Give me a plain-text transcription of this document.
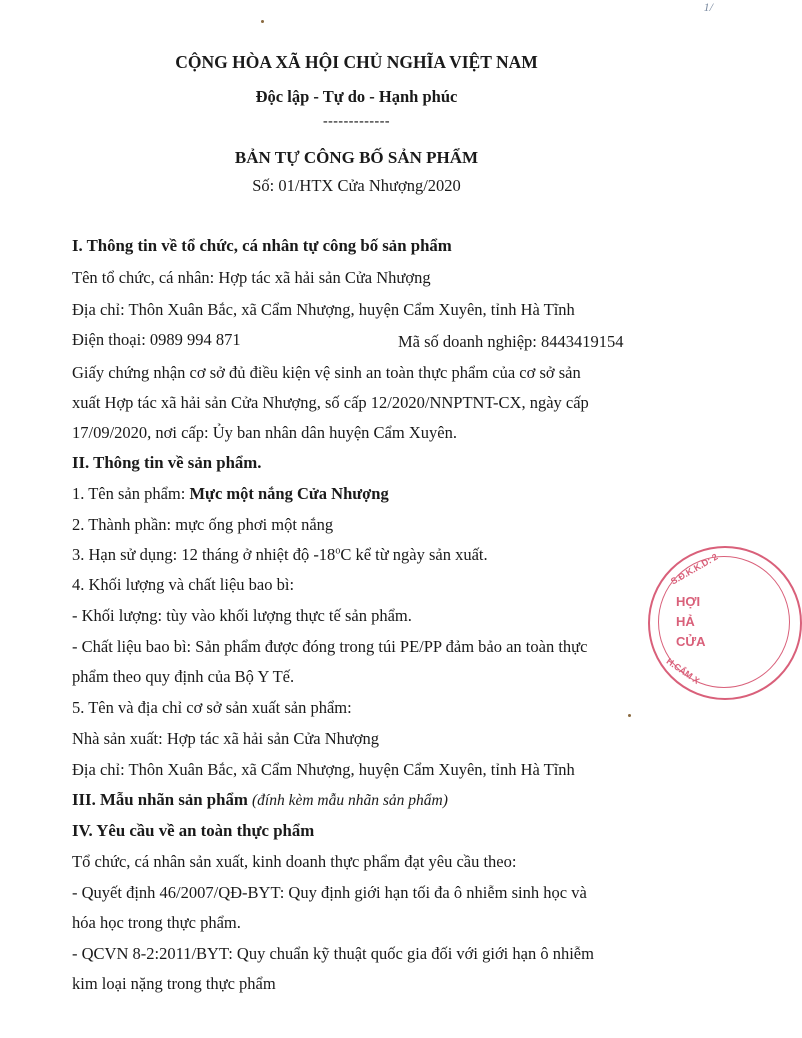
1/
CỘNG HÒA XÃ HỘI CHỦ NGHĨA VIỆT NAM
Độc lập - Tự do - Hạnh phúc
-------------
BẢN TỰ CÔNG BỐ SẢN PHẨM
Số: 01/HTX Cửa Nhượng/2020
I. Thông tin về tổ chức, cá nhân tự công bố sản phẩm
Tên tổ chức, cá nhân: Hợp tác xã hải sản Cửa Nhượng
Địa chỉ: Thôn Xuân Bắc, xã Cẩm Nhượng, huyện Cẩm Xuyên, tỉnh Hà Tĩnh
Điện thoại: 0989 994 871	Mã số doanh nghiệp: 8443419154
Giấy chứng nhận cơ sở đủ điều kiện vệ sinh an toàn thực phẩm của cơ sở sản
xuất Hợp tác xã hải sản Cửa Nhượng, số cấp 12/2020/NNPTNT-CX, ngày cấp
17/09/2020, nơi cấp: Ủy ban nhân dân huyện Cẩm Xuyên.
II. Thông tin về sản phẩm.
1. Tên sản phẩm: Mực một nắng Cửa Nhượng
2. Thành phần: mực ống phơi một nắng
3. Hạn sử dụng: 12 tháng ở nhiệt độ -18$^o$C kể từ ngày sản xuất.
4. Khối lượng và chất liệu bao bì:
- Khối lượng: tùy vào khối lượng thực tế sản phẩm.
- Chất liệu bao bì: Sản phẩm được đóng trong túi PE/PP đảm bảo an toàn thực
phẩm theo quy định của Bộ Y Tế.
5. Tên và địa chỉ cơ sở sản xuất sản phẩm:
Nhà sản xuất: Hợp tác xã hải sản Cửa Nhượng
Địa chỉ: Thôn Xuân Bắc, xã Cẩm Nhượng, huyện Cẩm Xuyên, tỉnh Hà Tĩnh
III. Mẫu nhãn sản phẩm (đính kèm mẫu nhãn sản phẩm)
IV. Yêu cầu về an toàn thực phẩm
Tổ chức, cá nhân sản xuất, kinh doanh thực phẩm đạt yêu cầu theo:
- Quyết định 46/2007/QĐ-BYT: Quy định giới hạn tối đa ô nhiễm sinh học và
hóa học trong thực phẩm.
- QCVN 8-2:2011/BYT: Quy chuẩn kỹ thuật quốc gia đối với giới hạn ô nhiễm
kim loại nặng trong thực phẩm
S.Đ.K.K.D: 2
H.CẨM X
HỢI
HẢ
CỬA
